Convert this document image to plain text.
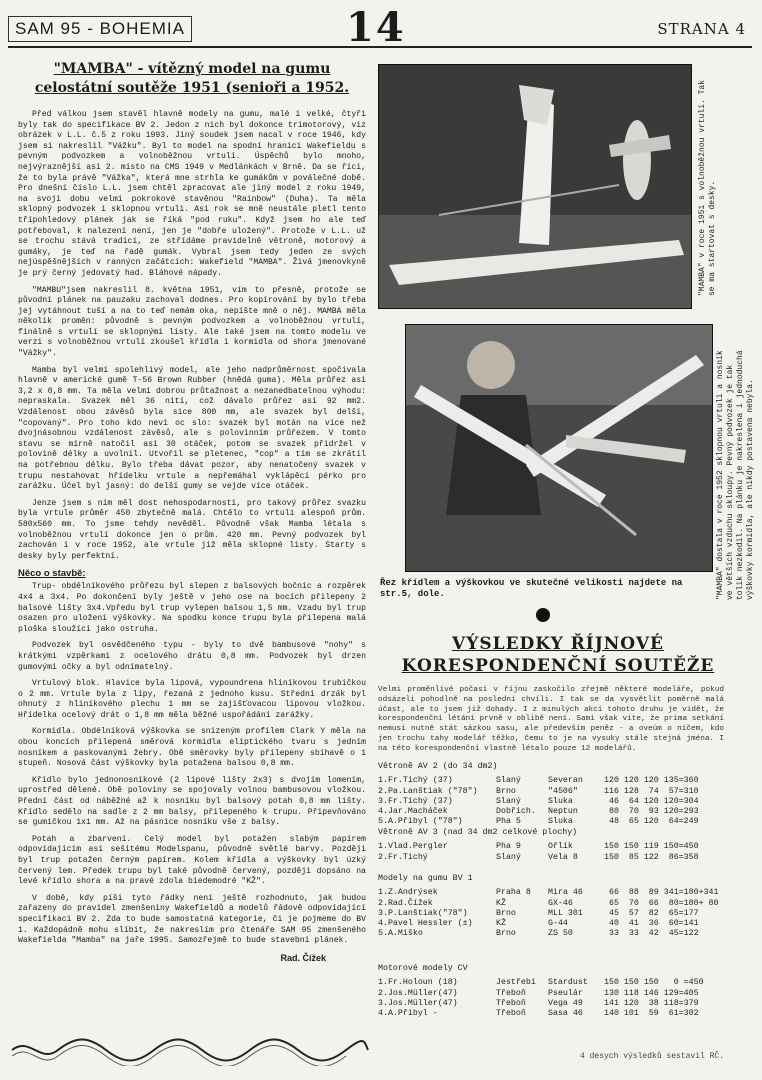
SAM 95 - BOHEMIA	14	STRANA 4
"MAMBA" - vítězný model na gumu
celostátní soutěže 1951 (senioři a 1952.

Před válkou jsem stavěl hlavně modely na gumu, malé i velké, čtyři byly tak do specifikace BV 2. Jedon z nich byl dokonce trimotorový, viz obrázek v L.L. č.5 z roku 1993. Jiný soudek jsem nacal v roce 1946, kdy jsem si nakreslil "Vážku". Byl to model na spodní hranici Wakefieldu s pevným podvozkem a volnoběžnou vrtulí. Úspěchů bylo mnoho, nejvýraznější asi 2. místo na CMS 1949 v Medlánkách v Brně. Da se říci, že to byla právě "Vážka", která mne strhla ke gumákům v poválečné době. Pro dnešní číslo L.L. jsem chtěl zpracovat ale jiný model z roku 1949, na svoji dobu velmi pokrokové stavěnou "Rainbow" (Duha). Ta měla sklopný podvozek i sklopnou vrtuli. Asi rok se mně neustále pletl tento třípohledový plánek jak se říká "pod ruku". Když jsem ho ale teď potřeboval, k nalezení není, jen je "dobře uložený". Protože v L.L. už se trochu stává tradicí, ze střídáme pravidelně větroně, motorový a gumáky, je teď na řadě gumák. Vybral jsem tedy jeden ze svých nejúspěšnějších v rannýcn začátcích: Wakefield "MAMBA". Živá jmenovkyně je prý černý jedovatý had. Bláhové nápady.

"MAMBU"jsem nakreslil 8. května 1951, vím to přesně, protože se původní plánek na pauzaku zachoval dodnes. Pro kopírování by bylo třeba jej vytáhnout tuší a na to teď nemám oka, nepíšte mně o něj. MAMBA měla několik proměn: původně s pevným podvozkem a volnoběžnou vrtulí, finálně s vrtulí se sklopnými listy. Ale také jsem na tomto modelu ve verzi s volnoběžnou vrtulí zkoušel křídla i kormidla od shora jmenované "Vážky".

Mamba byl velmi spolehlivý model, ale jeho nadprůměrnost spočívala hlavně v americké gumě T-56 Brown Rubber (hnědá guma). Měla průřez asi 3,2 x 0,8 mm. Ta měla velmi dobrou průtažnost a nezanedbatelnou výhodu: nepraskala. Svazek měl 36 nití, což dávalo průřez asi 92 mm2. Vzdálenost obou závěsů byla sice 800 mm, ale svazek byl delší, "copovaný". Pro toho kdo neví oc slo: svazek byl motán na více než dvojnásobnou vzdálenost závěsů, ale s polovinním průřezem. V tomto stavu se mírně natočil asi 30 otáček, potom se svazek přidržel v polovině délky a uvolnil. Utvořil se pletenec, "cop" a tím se zkrátil na potřebnou délku. Bylo třeba dávat pozor, aby nenatočený svazek v trupu nestahovat hřídelku vrtule a nepřemáhal vyklápěcí pérko pro zarážku. Účel byl jasný: do delší gumy se vejde více otáček.

Jenze jsem s ním měl dost nehospodarnosti, pro takový průřez svazku byla vrtule průměr 450 zbytečně malá. Chtělo to vrtuli alespoň prům. 580x560 mm. To jsme tehdy nevěděl. Původně však Mamba létala s volnoběžnou vrtulí dokonce jen o prům. 420 mm. Pevný podvozek byl zachován i v roce 1952, ale vrtule již měla sklopné listy. Starty s desky byly perfektní.

Něco o stavbě:

Trup- obdélníkového průřezu byl slepen z balsových bočnic a rozpěrek 4x4 a 3x4. Po dokončení byly ještě v jeho ose na bocích přilepeny 2 balsové lišty 3x4.Vpředu byl trup vylepen balsou 1,5 mm. Vzadu byl trup osazen pro uložení výškovky. Na spodku konce trupu byla přilepena malá ploška sloužící jako ostruha.

Podvozek byl osvědčeného typu - byly to dvě bambusové "nohy" s krátkými vzpěrkami z ocelového drátu 0,8 mm. Podvozek byl drzen gumovými očky a byl odnímatelný.

Vrtulový blok. Hlavice byla lipová, vypoundrena hliníkovou trubičkou o 2 mm. Vrtule byla z lipy, řezaná z jednoho kusu. Střední drzák byl ohnutý z hliníkového plechu 1 mm se zajišťovacou lipovou vložkou. Hřídelka ocelový drát o 1,8 mm měla běžné uspořádání zarážky.

Kormidla. Obdélníková výškovka se snizeným profilem Clark Y měla na obou koncích přilepená směrová kormidla eliptického tvaru s jedním nosníkem a paskovanými žebry. Obě směrovky byly přilepeny sbíhavě o 1 stupeň. Nosová část výškovky byla potažena balsou 0,8 mm.

Křídlo bylo jednonosníkové (2 lipové lišty 2x3) s dvojím lomením, uprostřed dělené. Obě poloviny se spojovaly volnou bambusovou vložkou. Přední část od náběžné až k nosníku byl balsový potah 0,8 mm lišty. Křídlo sedělo na sadle z 2 mm balsy, přilepeného k trupu. Připevňováno se gumičkou 1x1 mm. Až na pásnice nosníku vše z balsy.

Potah a zbarvení. Celý model byl potažen slabým papírem odpovídajícím asi sešitému Modelspanu, původně světlé barvy. Později byl trup potažen černým papírem. Kolem křídla a výškovky byl úzký červený lem. Předek trupu byl také původně červený, později dopsáno na levé křídlo shora a na pravé zdola biedemodré "KŽ".

V době, kdy píši tyto řádky není ještě rozhodnuto, jak budou zařazeny do pravidel zmenšeniny Wakefieldů a modelů řádově odpovídající specifikaci BV 2. Zda to bude samostatná kategorie, či je pojmeme do BV 1. Každopádně mohu slíbit, že nakreslím pro čtenáře SAM 95 zmenšeného Wakefielda "Mamba" na jaře 1995. Samozřejmě to bude stavební plánek.

Rad. Čížek
"MAMBA" v roce 1951 s volnoběžnou vrtulí. Tak se ma startovat s desky.
"MAMBA" dostala v roce 1952 sklopnou vrtuli a nosník ve větších vzduchu skloupy. Pevný podvozek je tak tolik nezkodil. Na plánku je nakreslena i jednoduchá výškovky kormidla, ale nikdy postavena nebyla.
Řez křídlem a výškovkou ve skutečné velikosti najdete na str.5, dole.
VÝSLEDKY ŘÍJNOVÉ
KORESPONDENČNÍ SOUTĚŽE
Velmi proměnlivé počasí v říjnu zaskočilo zřejmě některé modeláře, pokud odsázeli pohodlně na poslední chvíli. I tak se da vysvětlit poměrně malá účast, ale to jsem již dohady. I z minulých akcí tohoto druhu je vidět, že korespondenční létání prvně v oblibě není. Sami však víte, že prima setkání nemusí nutně stát sázkou sasu, ale především peněz - a oveúm o ničem, kdo jen trochu tahy modelář těžko, čemu to je na vysuky stále stejná jména. I na této korespondenční vlastně létalo pouze 12 modelářů.
Větroně AV 2 (do 34 dm2)
1.Fr.Tichý (37)	Slaný	Severan	120 120 120 135=360
2.Pa.Lanštiak ("78")	Brno	"4506"	116 128  74  57=310
3.Fr.Tichý (37)	Slaný	Sluka	46  64 120 120=304
4.Jar.Macháček	Dobřich.	Neptun	80  70  93 120=293
5.A.Přibyl ("78")	Pha 5	Sluka	48  65 120  64=249
Větroně AV 3 (nad 34 dm2 celkové plochy)
1.Vlad.Pergler	Pha 9	Ořlík	150 150 119 150=450
2.Fr.Tichý	Slaný	Vela 8	150  85 122  86=358
Modely na gumu BV 1
1.Z.Andrýsek	Praha 8	Mira 46	66  88  89 341=180+341
2.Rad.Čížek	KŽ	GX-46	65  70  66  80=180+ 80
3.P.Lanštiak("78")	Brno	MLL 301	45  57  82  65=177
4.Pavel Hessler (±)	KŽ	G-44	40  41  36  60=141
5.A.Miško	Brno	ZS 50	33  33  42  45=122
Motorové modely CV
1.Fr.Holoun (18)	Jestřebí	Stardust	150 150 150   0 =450
2.Jos.Müller(47)	Třeboň	Pseulár	130 118 146 129=405
3.Jos.Müller(47)	Třeboň	Vega 49	141 120  38 118=379
4.A.Přibyl -	Třeboň	Sasa 46	140 101  59  61=302
4 desych výsledků sestavil RČ.
